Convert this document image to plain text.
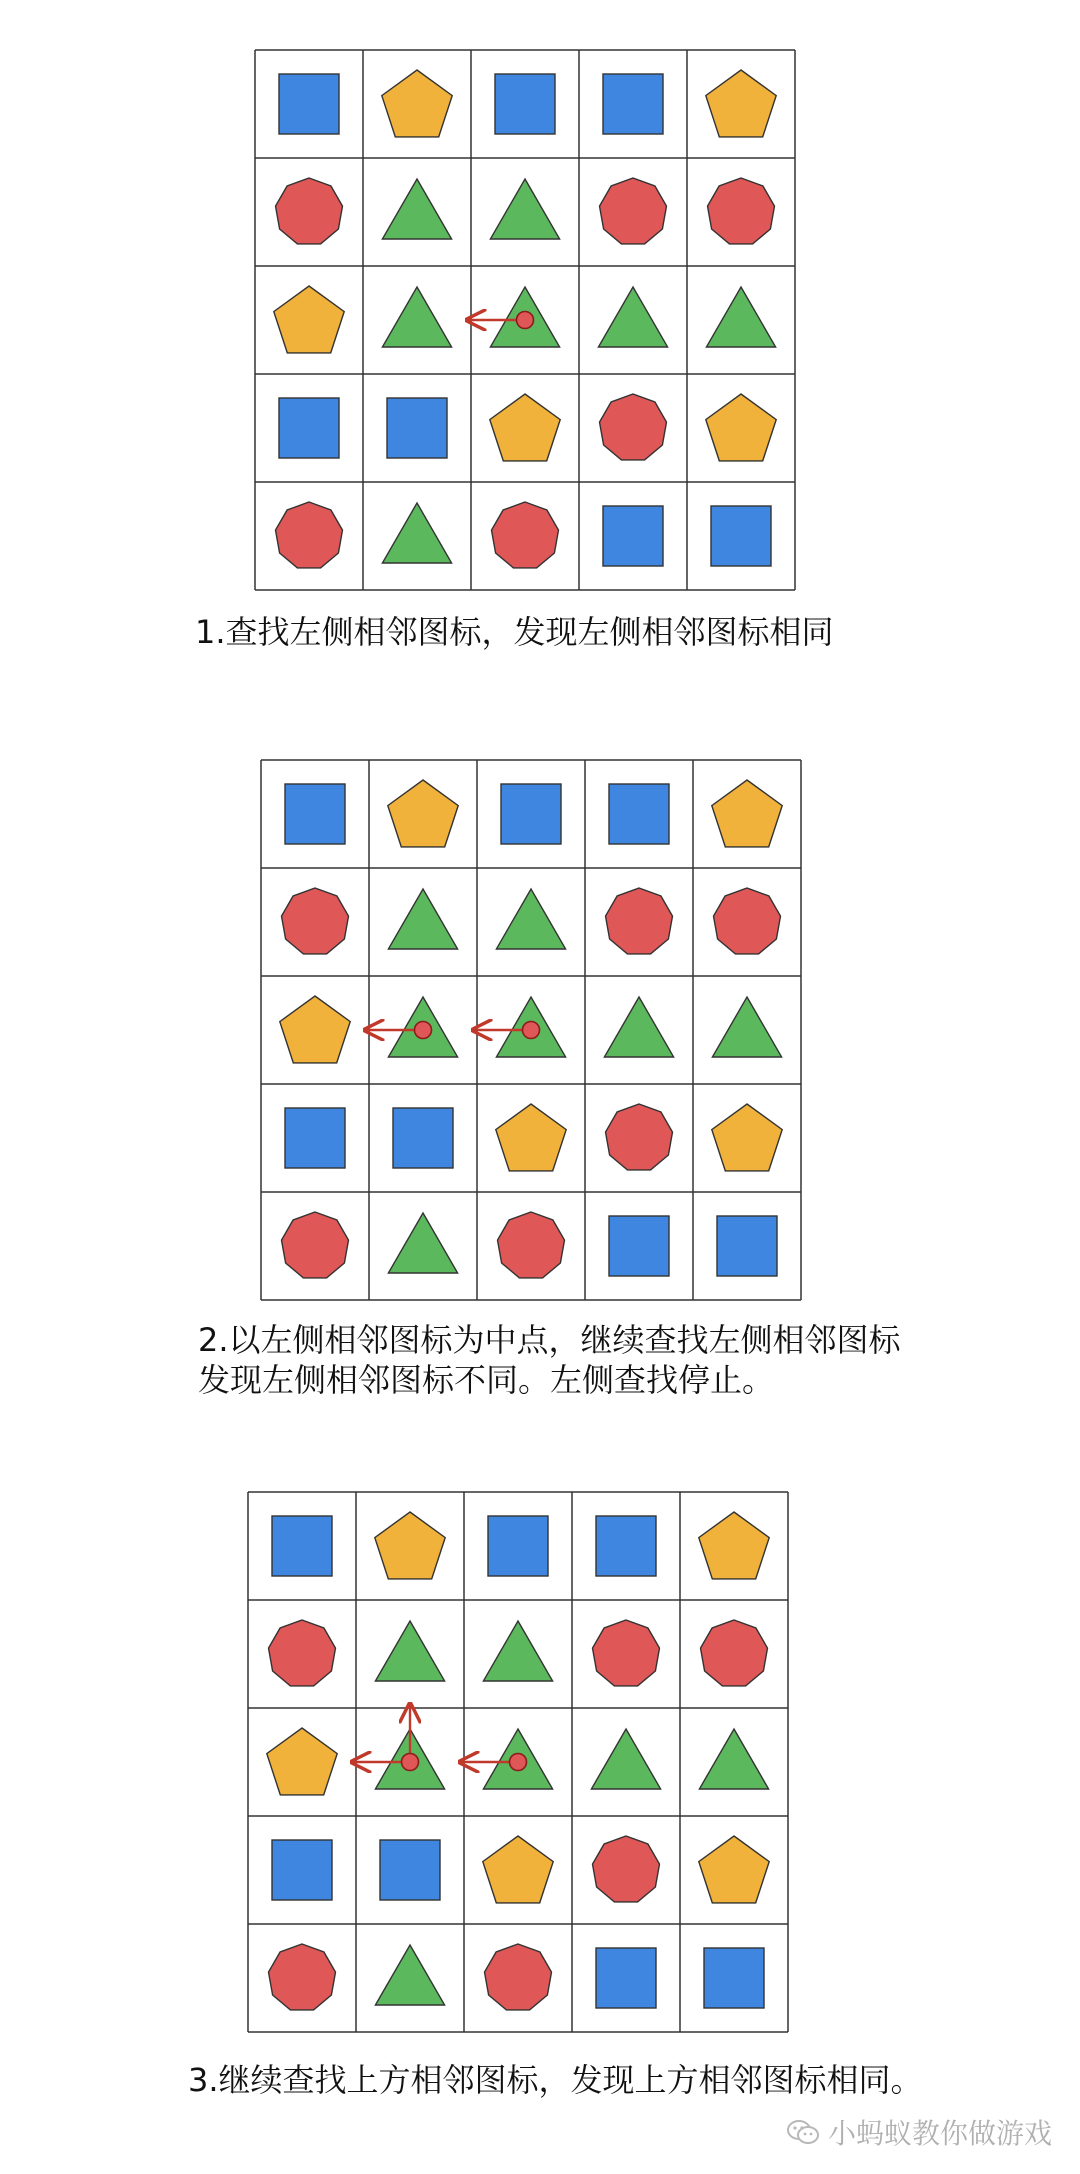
1.查找左侧相邻图标，发现左侧相邻图标相同
2.以左侧相邻图标为中点，继续查找左侧相邻图标
发现左侧相邻图标不同。左侧查找停止。
3.继续查找上方相邻图标，发现上方相邻图标相同。
小蚂蚁教你做游戏
